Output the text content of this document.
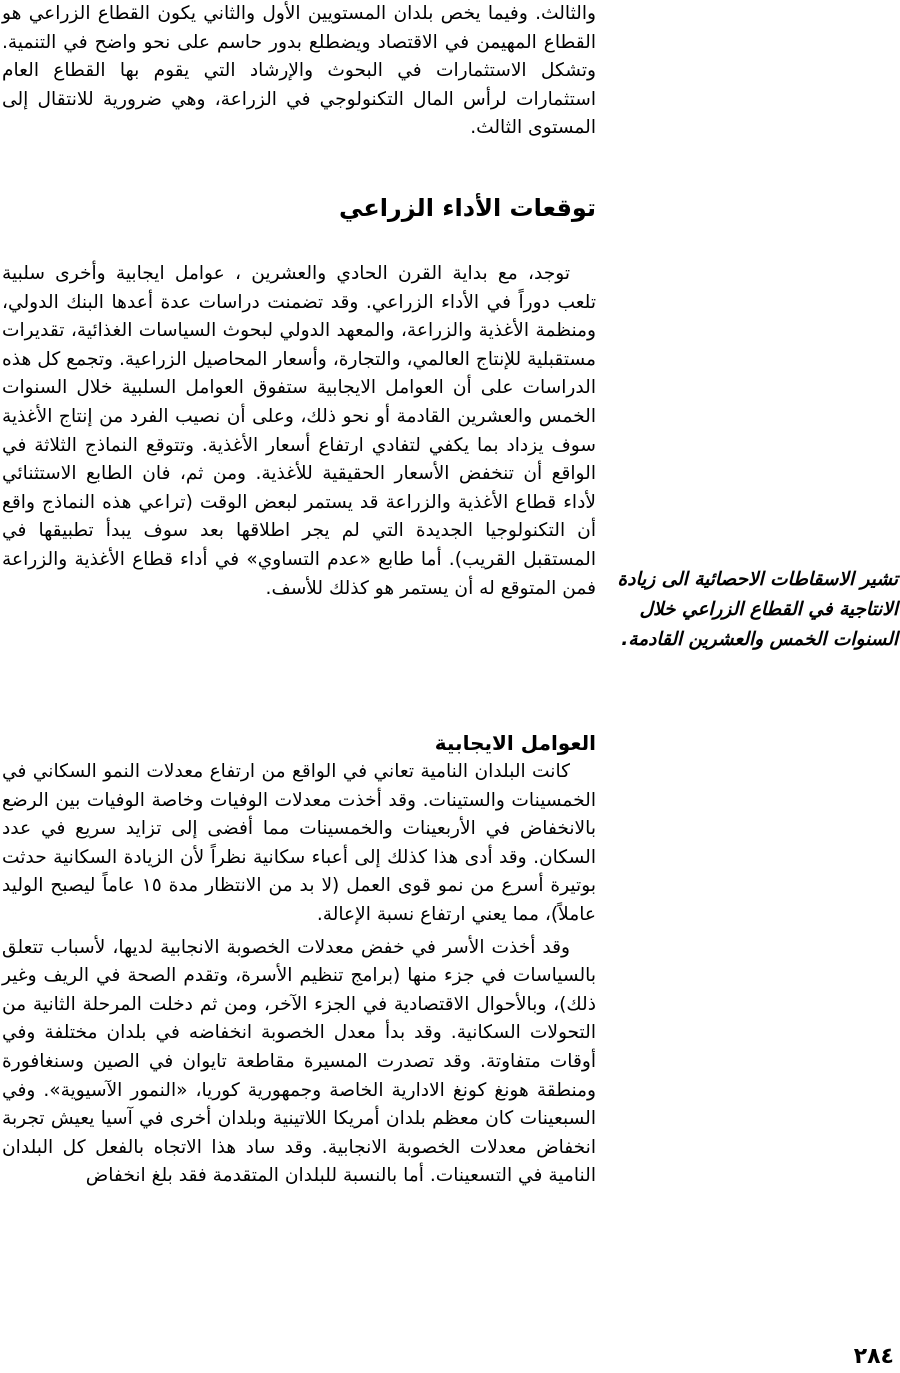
والثالث. وفيما يخص بلدان المستويين الأول والثاني يكون القطاع الزراعي هو القطاع المهيمن في الاقتصاد ويضطلع بدور حاسم على نحو واضح في التنمية. وتشكل الاستثمارات في البحوث والإرشاد التي يقوم بها القطاع العام استثمارات لرأس المال التكنولوجي في الزراعة، وهي ضرورية للانتقال إلى المستوى الثالث.

توقعات الأداء الزراعي

توجد، مع بداية القرن الحادي والعشرين ، عوامل ايجابية وأخرى سلبية تلعب دوراً في الأداء الزراعي. وقد تضمنت دراسات عدة أعدها البنك الدولي، ومنظمة الأغذية والزراعة، والمعهد الدولي لبحوث السياسات الغذائية، تقديرات مستقبلية للإنتاج العالمي، والتجارة، وأسعار المحاصيل الزراعية. وتجمع كل هذه الدراسات على أن العوامل الايجابية ستفوق العوامل السلبية خلال السنوات الخمس والعشرين القادمة أو نحو ذلك، وعلى أن نصيب الفرد من إنتاج الأغذية سوف يزداد بما يكفي لتفادي ارتفاع أسعار الأغذية. وتتوقع النماذج الثلاثة في الواقع أن تنخفض الأسعار الحقيقية للأغذية. ومن ثم، فان الطابع الاستثنائي لأداء قطاع الأغذية والزراعة قد يستمر لبعض الوقت (تراعي هذه النماذج واقع أن التكنولوجيا الجديدة التي لم يجر اطلاقها بعد سوف يبدأ تطبيقها في المستقبل القريب). أما طابع «عدم التساوي» في أداء قطاع الأغذية والزراعة فمن المتوقع له أن يستمر هو كذلك للأسف.

العوامل الايجابية

كانت البلدان النامية تعاني في الواقع من ارتفاع معدلات النمو السكاني في الخمسينات والستينات. وقد أخذت معدلات الوفيات وخاصة الوفيات بين الرضع بالانخفاض في الأربعينات والخمسينات مما أفضى إلى تزايد سريع في عدد السكان. وقد أدى هذا كذلك إلى أعباء سكانية نظراً لأن الزيادة السكانية حدثت بوتيرة أسرع من نمو قوى العمل (لا بد من الانتظار مدة ١٥ عاماً ليصبح الوليد عاملاً)، مما يعني ارتفاع نسبة الإعالة.

وقد أخذت الأسر في خفض معدلات الخصوبة الانجابية لديها، لأسباب تتعلق بالسياسات في جزء منها (برامج تنظيم الأسرة، وتقدم الصحة في الريف وغير ذلك)، وبالأحوال الاقتصادية في الجزء الآخر، ومن ثم دخلت المرحلة الثانية من التحولات السكانية. وقد بدأ معدل الخصوبة انخفاضه في بلدان مختلفة وفي أوقات متفاوتة. وقد تصدرت المسيرة مقاطعة تايوان في الصين وسنغافورة ومنطقة هونغ كونغ الادارية الخاصة وجمهورية كوريا، «النمور الآسيوية». وفي السبعينات كان معظم بلدان أمريكا اللاتينية وبلدان أخرى في آسيا يعيش تجربة انخفاض معدلات الخصوبة الانجابية. وقد ساد هذا الاتجاه بالفعل كل البلدان النامية في التسعينات. أما بالنسبة للبلدان المتقدمة فقد بلغ انخفاض

تشير الاسقاطات الاحصائية الى زيادة الانتاجية في القطاع الزراعي خلال السنوات الخمس والعشرين القادمة.
٢٨٤
